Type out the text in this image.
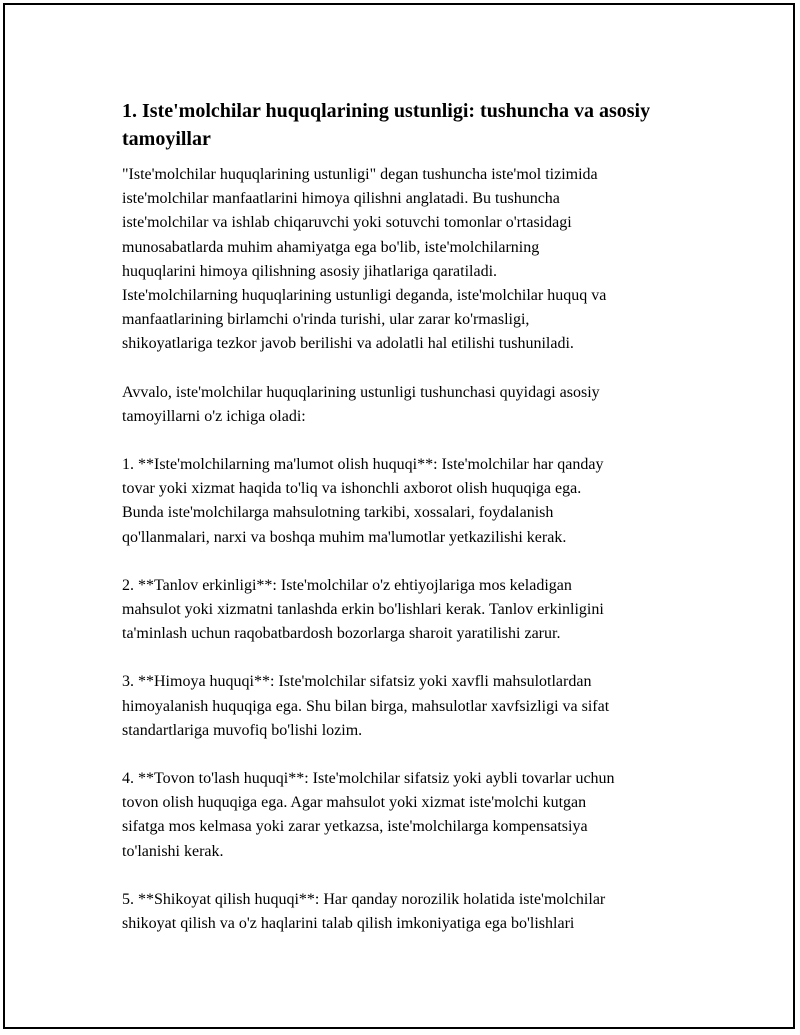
1. Iste'molchilar huquqlarining ustunligi: tushuncha va asosiy
tamoyillar

"Iste'molchilar huquqlarining ustunligi" degan tushuncha iste'mol tizimida
iste'molchilar manfaatlarini himoya qilishni anglatadi. Bu tushuncha
iste'molchilar va ishlab chiqaruvchi yoki sotuvchi tomonlar o'rtasidagi
munosabatlarda muhim ahamiyatga ega bo'lib, iste'molchilarning
huquqlarini himoya qilishning asosiy jihatlariga qaratiladi.
Iste'molchilarning huquqlarining ustunligi deganda, iste'molchilar huquq va
manfaatlarining birlamchi o'rinda turishi, ular zarar ko'rmasligi,
shikoyatlariga tezkor javob berilishi va adolatli hal etilishi tushuniladi.

Avvalo, iste'molchilar huquqlarining ustunligi tushunchasi quyidagi asosiy
tamoyillarni o'z ichiga oladi:

1. **Iste'molchilarning ma'lumot olish huquqi**: Iste'molchilar har qanday
tovar yoki xizmat haqida to'liq va ishonchli axborot olish huquqiga ega.
Bunda iste'molchilarga mahsulotning tarkibi, xossalari, foydalanish
qo'llanmalari, narxi va boshqa muhim ma'lumotlar yetkazilishi kerak.

2. **Tanlov erkinligi**: Iste'molchilar o'z ehtiyojlariga mos keladigan
mahsulot yoki xizmatni tanlashda erkin bo'lishlari kerak. Tanlov erkinligini
ta'minlash uchun raqobatbardosh bozorlarga sharoit yaratilishi zarur.

3. **Himoya huquqi**: Iste'molchilar sifatsiz yoki xavfli mahsulotlardan
himoyalanish huquqiga ega. Shu bilan birga, mahsulotlar xavfsizligi va sifat
standartlariga muvofiq bo'lishi lozim.

4. **Tovon to'lash huquqi**: Iste'molchilar sifatsiz yoki aybli tovarlar uchun
tovon olish huquqiga ega. Agar mahsulot yoki xizmat iste'molchi kutgan
sifatga mos kelmasa yoki zarar yetkazsa, iste'molchilarga kompensatsiya
to'lanishi kerak.

5. **Shikoyat qilish huquqi**: Har qanday norozilik holatida iste'molchilar
shikoyat qilish va o'z haqlarini talab qilish imkoniyatiga ega bo'lishlari
